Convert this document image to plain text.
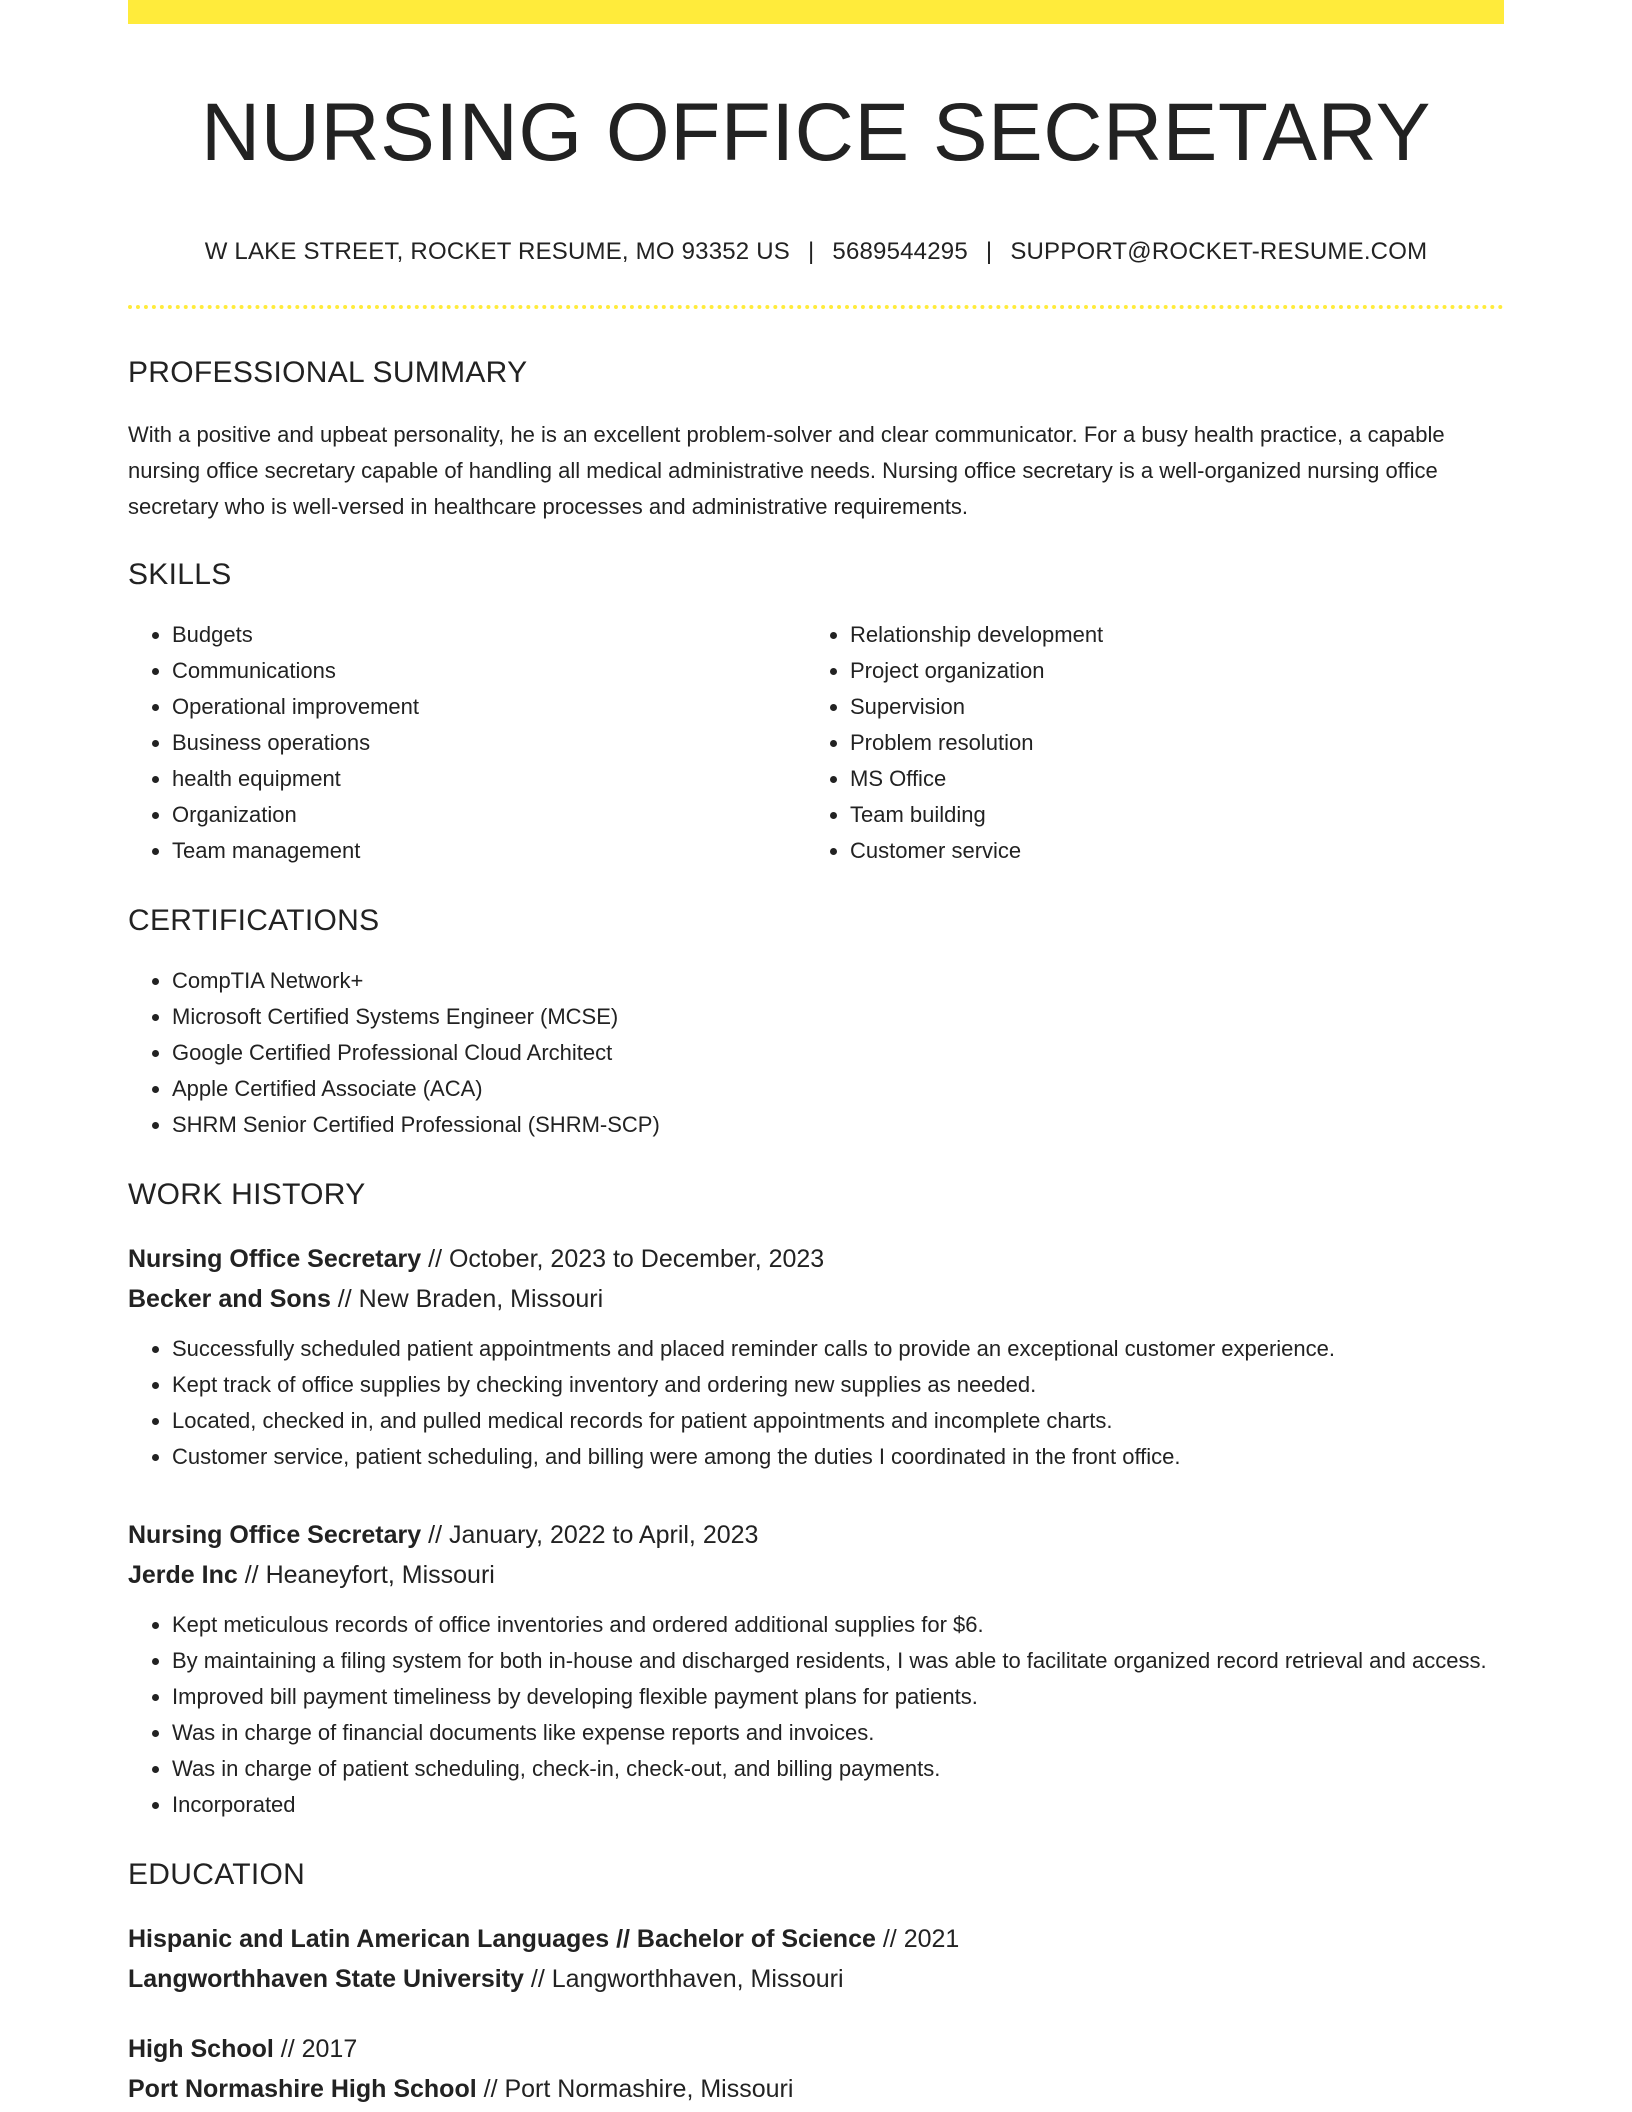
NURSING OFFICE SECRETARY
W LAKE STREET, ROCKET RESUME, MO 93352 US | 5689544295 | SUPPORT@ROCKET-RESUME.COM
PROFESSIONAL SUMMARY
With a positive and upbeat personality, he is an excellent problem-solver and clear communicator. For a busy health practice, a capable nursing office secretary capable of handling all medical administrative needs. Nursing office secretary is a well-organized nursing office secretary who is well-versed in healthcare processes and administrative requirements.
SKILLS
• Budgets
• Communications
• Operational improvement
• Business operations
• health equipment
• Organization
• Team management
• Relationship development
• Project organization
• Supervision
• Problem resolution
• MS Office
• Team building
• Customer service
CERTIFICATIONS
• CompTIA Network+
• Microsoft Certified Systems Engineer (MCSE)
• Google Certified Professional Cloud Architect
• Apple Certified Associate (ACA)
• SHRM Senior Certified Professional (SHRM-SCP)
WORK HISTORY
Nursing Office Secretary // October, 2023 to December, 2023
Becker and Sons // New Braden, Missouri
• Successfully scheduled patient appointments and placed reminder calls to provide an exceptional customer experience.
• Kept track of office supplies by checking inventory and ordering new supplies as needed.
• Located, checked in, and pulled medical records for patient appointments and incomplete charts.
• Customer service, patient scheduling, and billing were among the duties I coordinated in the front office.
Nursing Office Secretary // January, 2022 to April, 2023
Jerde Inc // Heaneyfort, Missouri
• Kept meticulous records of office inventories and ordered additional supplies for $6.
• By maintaining a filing system for both in-house and discharged residents, I was able to facilitate organized record retrieval and access.
• Improved bill payment timeliness by developing flexible payment plans for patients.
• Was in charge of financial documents like expense reports and invoices.
• Was in charge of patient scheduling, check-in, check-out, and billing payments.
• Incorporated
EDUCATION
Hispanic and Latin American Languages // Bachelor of Science // 2021
Langworthhaven State University // Langworthhaven, Missouri
High School // 2017
Port Normashire High School // Port Normashire, Missouri
